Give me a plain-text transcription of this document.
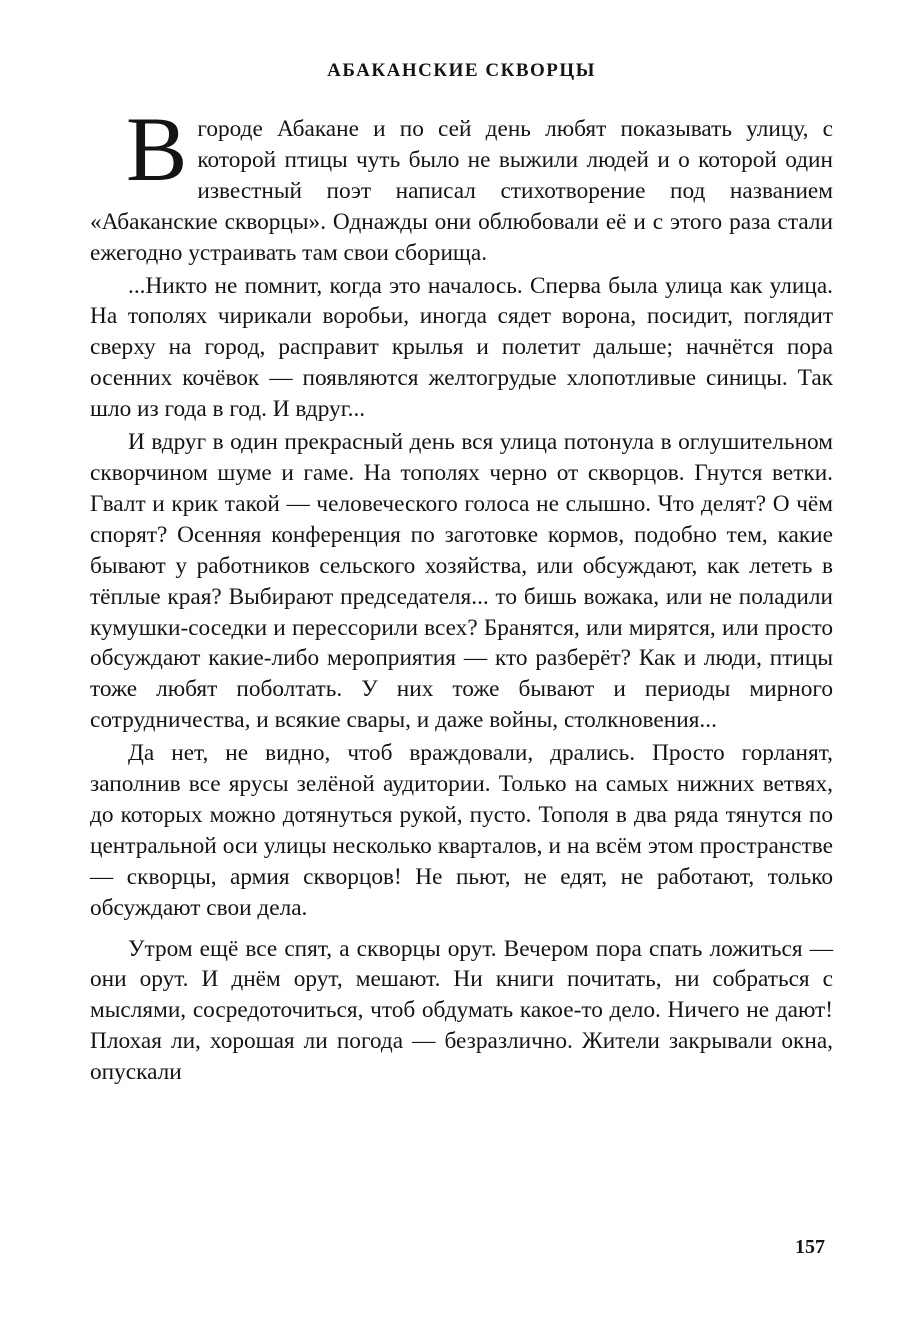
АБАКАНСКИЕ СКВОРЦЫ

Вгороде Абакане и по сей день любят показывать улицу, с которой птицы чуть было не выжили людей и о которой один известный поэт написал стихотворение под названием «Абаканские скворцы». Однажды они облюбовали её и с этого раза стали ежегодно устраивать там свои сборища.

...Никто не помнит, когда это началось. Сперва была улица как улица. На тополях чирикали воробьи, иногда сядет ворона, посидит, поглядит сверху на город, расправит крылья и полетит дальше; начнётся пора осенних кочёвок — появляются желтогрудые хлопотливые синицы. Так шло из года в год. И вдруг...

И вдруг в один прекрасный день вся улица потонула в оглушительном скворчином шуме и гаме. На тополях черно от скворцов. Гнутся ветки. Гвалт и крик такой — человеческого голоса не слышно. Что делят? О чём спорят? Осенняя конференция по заготовке кормов, подобно тем, какие бывают у работников сельского хозяйства, или обсуждают, как лететь в тёплые края? Выбирают председателя... то бишь вожака, или не поладили кумушки-соседки и перессорили всех? Бранятся, или мирятся, или просто обсуждают какие-либо мероприятия — кто разберёт? Как и люди, птицы тоже любят поболтать. У них тоже бывают и периоды мирного сотрудничества, и всякие свары, и даже войны, столкновения...

Да нет, не видно, чтоб враждовали, дрались. Просто горланят, заполнив все ярусы зелёной аудитории. Только на самых нижних ветвях, до которых можно дотянуться рукой, пусто. Тополя в два ряда тянутся по центральной оси улицы несколько кварталов, и на всём этом пространстве — скворцы, армия скворцов! Не пьют, не едят, не работают, только обсуждают свои дела.

Утром ещё все спят, а скворцы орут. Вечером пора спать ложиться — они орут. И днём орут, мешают. Ни книги почитать, ни собраться с мыслями, сосредоточиться, чтоб обдумать какое-то дело. Ничего не дают! Плохая ли, хорошая ли погода — безразлично. Жители закрывали окна, опускали

157
